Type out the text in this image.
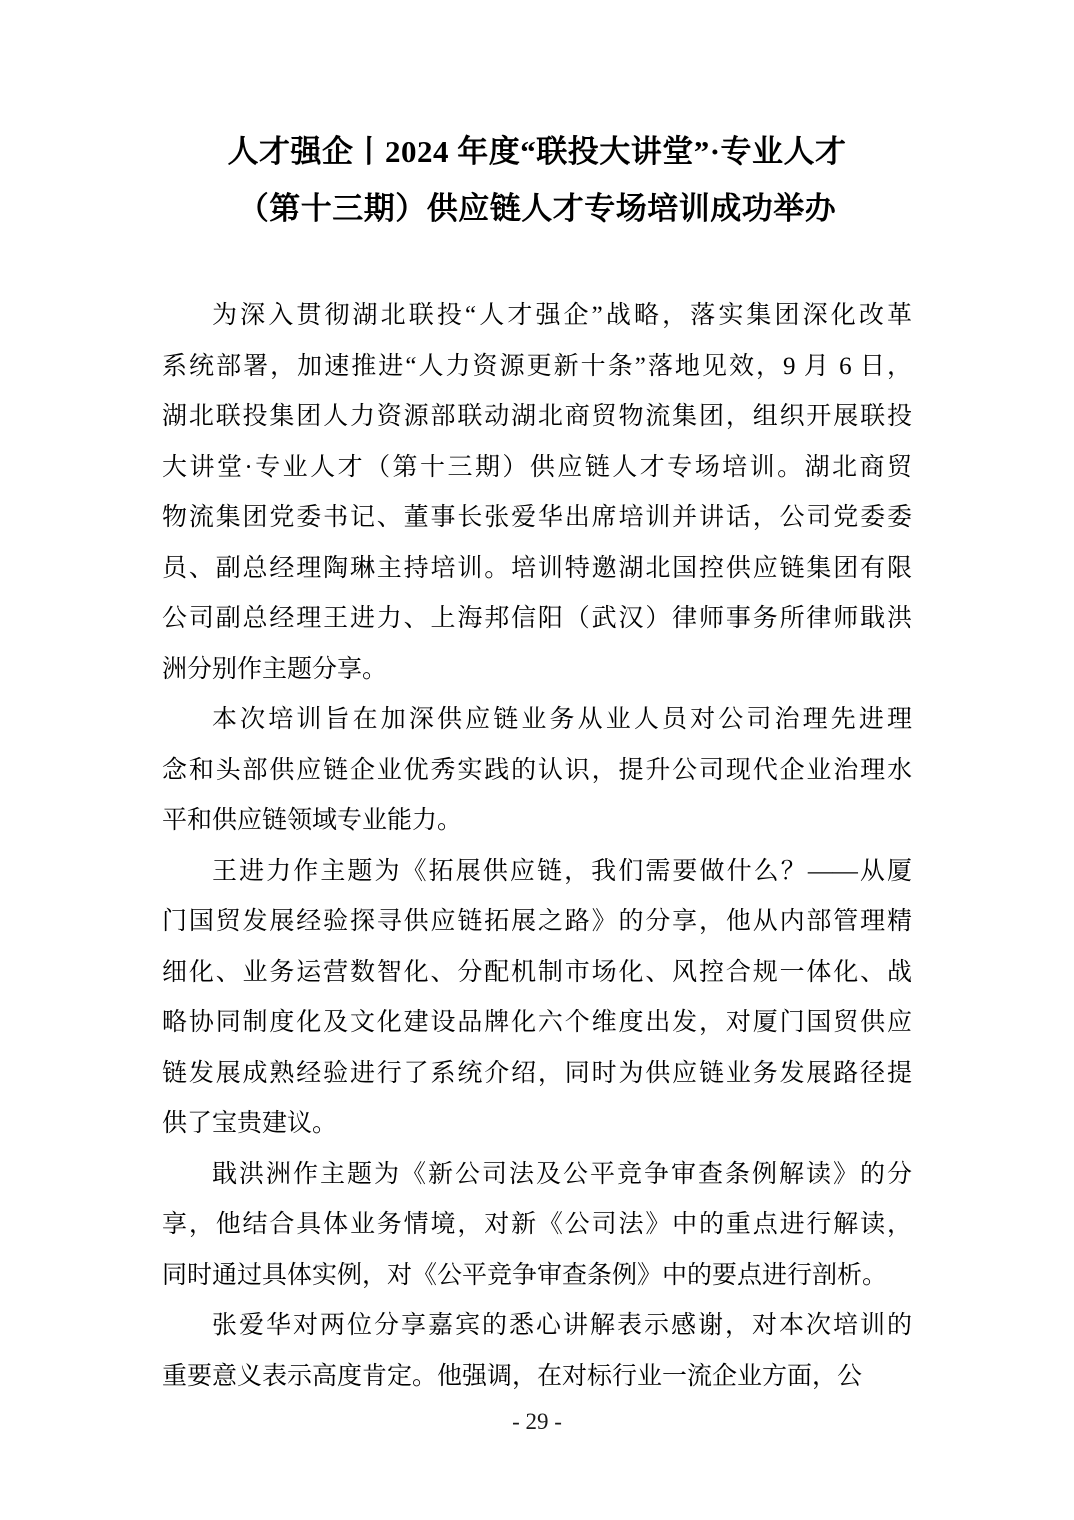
人才强企丨2024 年度“联投大讲堂”·专业人才
（第十三期）供应链人才专场培训成功举办
为深入贯彻湖北联投“人才强企”战略，落实集团深化改革
系统部署，加速推进“人力资源更新十条”落地见效，9 月 6 日，
湖北联投集团人力资源部联动湖北商贸物流集团，组织开展联投
大讲堂·专业人才（第十三期）供应链人才专场培训。湖北商贸
物流集团党委书记、董事长张爱华出席培训并讲话，公司党委委
员、副总经理陶琳主持培训。培训特邀湖北国控供应链集团有限
公司副总经理王进力、上海邦信阳（武汉）律师事务所律师戢洪
洲分别作主题分享。
本次培训旨在加深供应链业务从业人员对公司治理先进理
念和头部供应链企业优秀实践的认识，提升公司现代企业治理水
平和供应链领域专业能力。
王进力作主题为《拓展供应链，我们需要做什么？——从厦
门国贸发展经验探寻供应链拓展之路》的分享，他从内部管理精
细化、业务运营数智化、分配机制市场化、风控合规一体化、战
略协同制度化及文化建设品牌化六个维度出发，对厦门国贸供应
链发展成熟经验进行了系统介绍，同时为供应链业务发展路径提
供了宝贵建议。
戢洪洲作主题为《新公司法及公平竞争审查条例解读》的分
享，他结合具体业务情境，对新《公司法》中的重点进行解读，
同时通过具体实例，对《公平竞争审查条例》中的要点进行剖析。
张爱华对两位分享嘉宾的悉心讲解表示感谢，对本次培训的
重要意义表示高度肯定。他强调，在对标行业一流企业方面，公
- 29 -
